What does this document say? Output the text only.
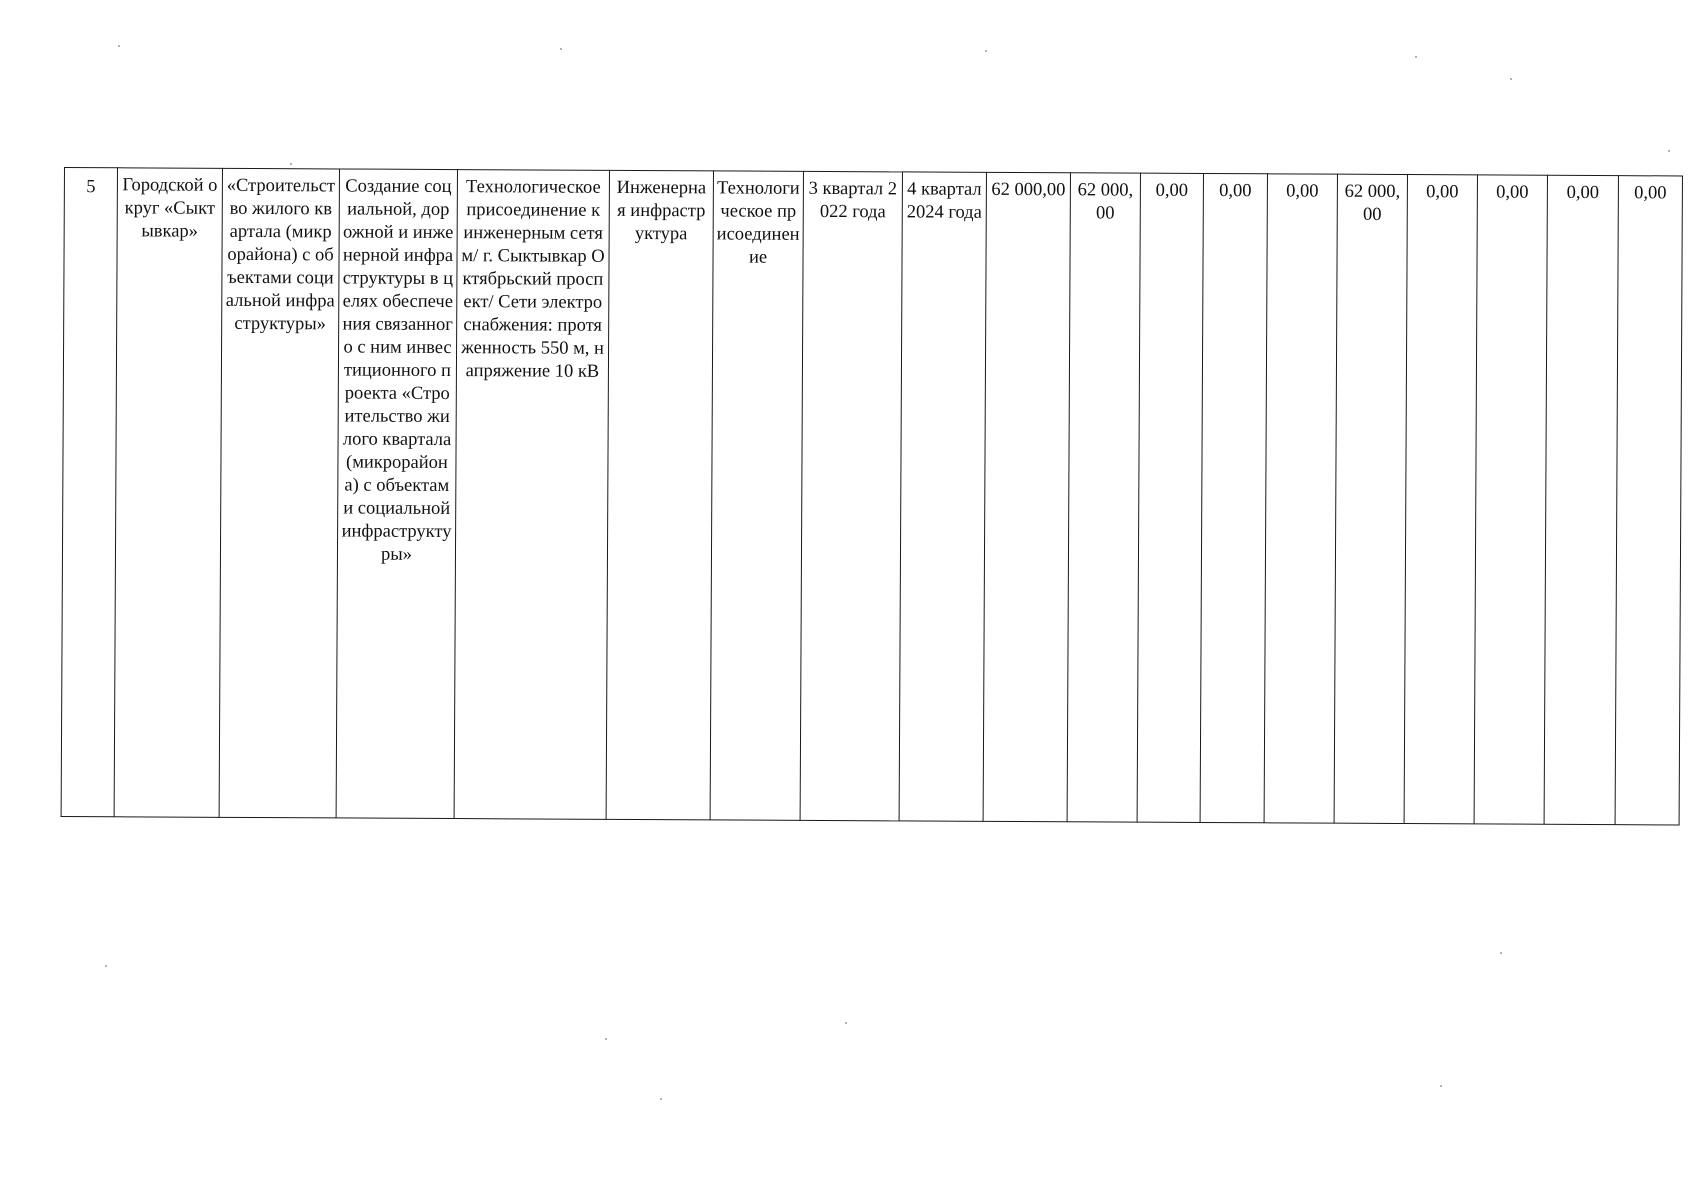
5	Городской округ «Сыктывкар»	«Строительство жилого квартала (микрорайона) с объектами социальной инфраструктуры»	Создание социальной, дорожной и инженерной инфраструктуры в целях обеспечения связанного с ним инвестиционного проекта «Строительство жилого квартала (микрорайона) с объектами социальной инфраструктуры»	Технологическое присоединение к инженерным сетям/ г. Сыктывкар Октябрьский проспект/ Сети электроснабжения: протяженность 550 м, напряжение 10 кВ	Инженерная инфраструктура	Технологическое присоединение	3 квартал 2022 года	4 квартал 2024 года	62 000,00	62 000,00	0,00	0,00	0,00	62 000,00	0,00	0,00	0,00	0,00
